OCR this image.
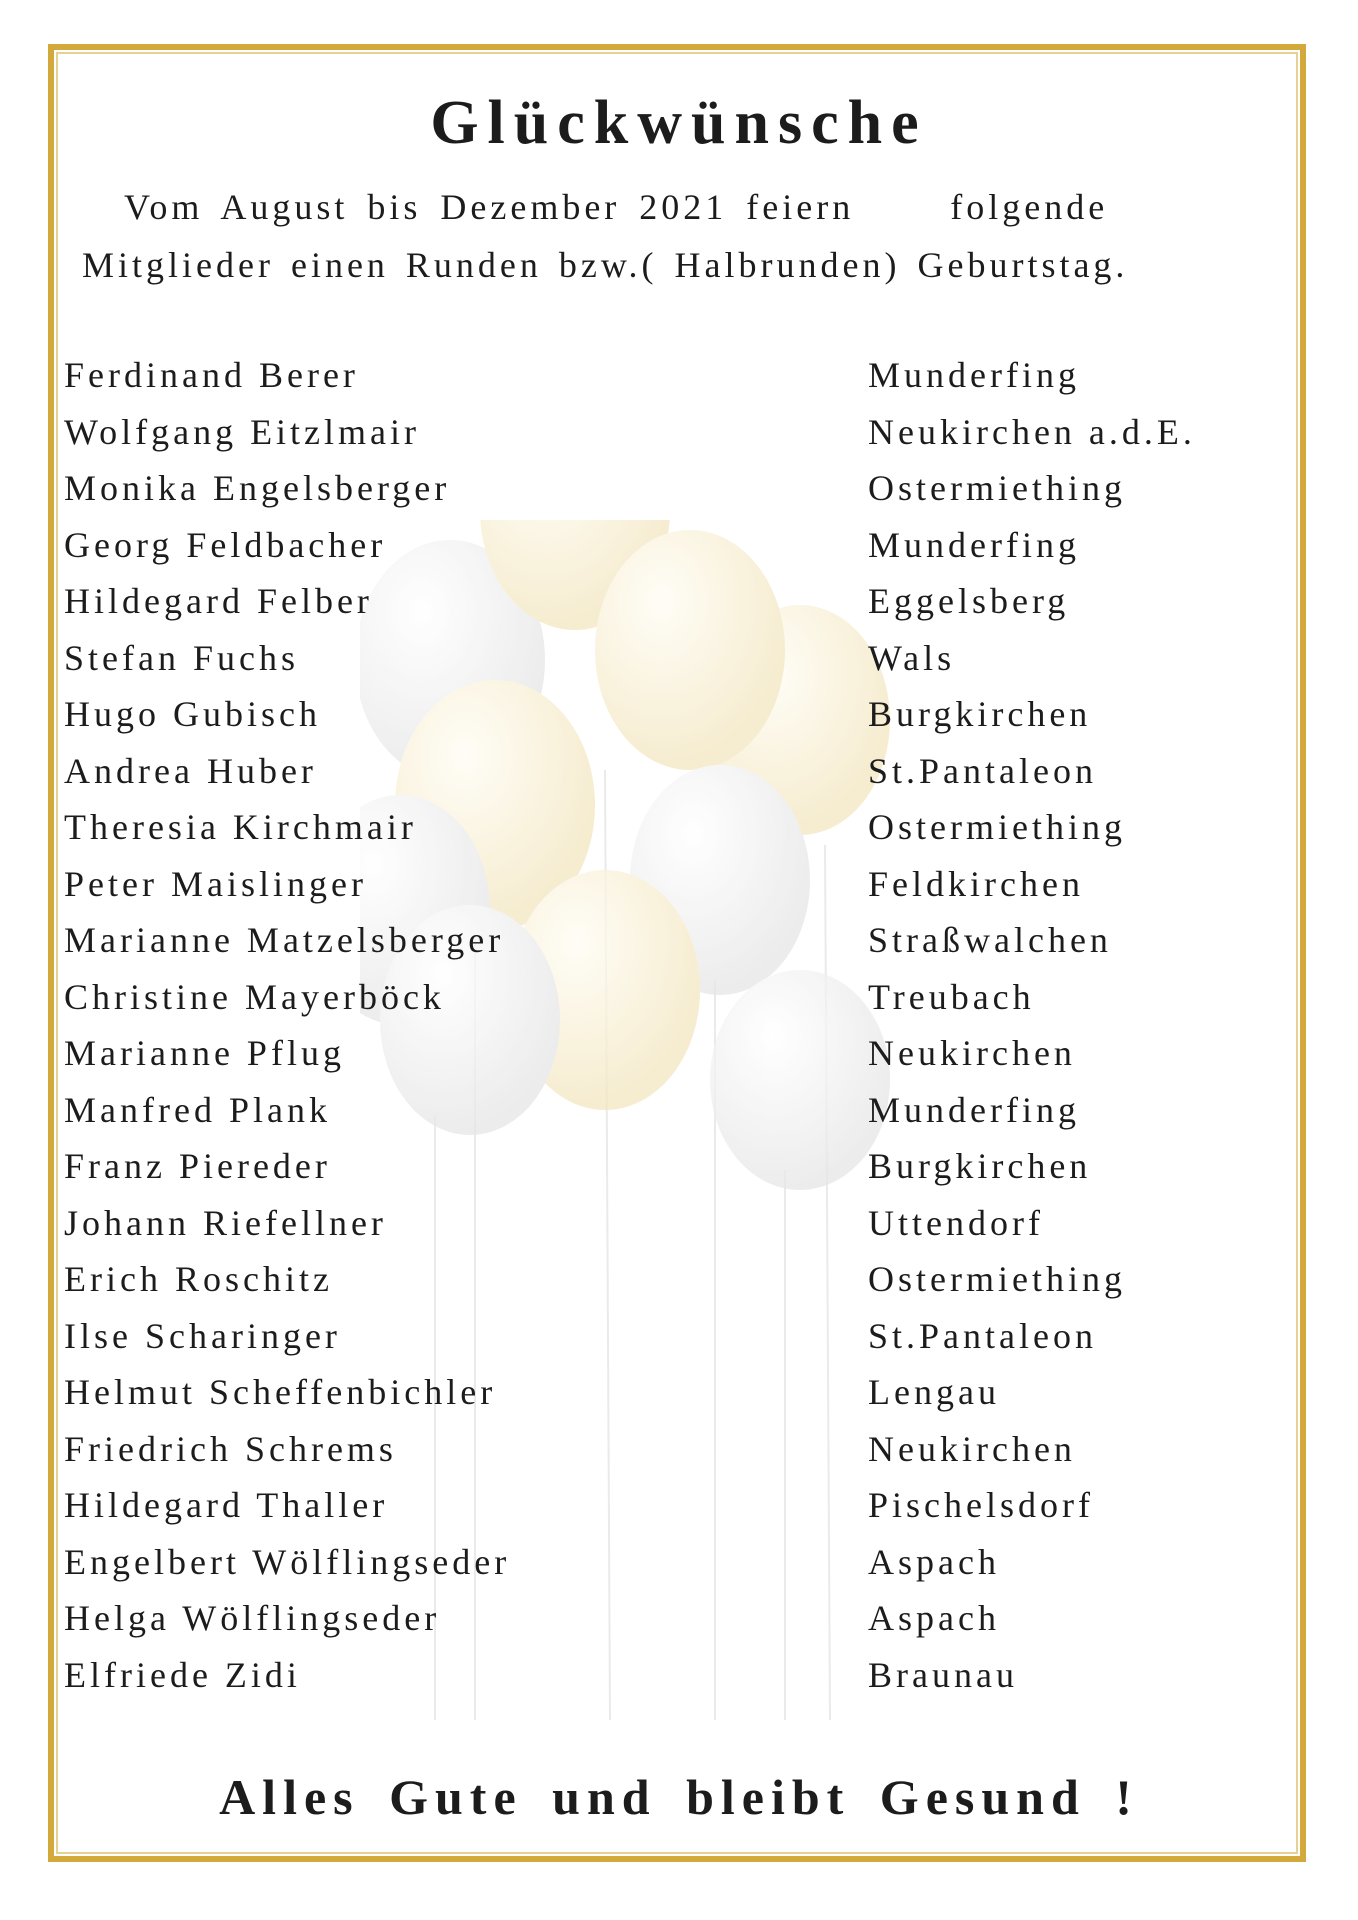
Glückwünsche

Vom August bis Dezember 2021 feiern	folgende

Mitglieder einen Runden bzw.( Halbrunden) Geburtstag.

Ferdinand Berer	Munderfing
Wolfgang Eitzlmair	Neukirchen a.d.E.
Monika Engelsberger	Ostermiething
Georg Feldbacher	Munderfing
Hildegard Felber	Eggelsberg
Stefan Fuchs	Wals
Hugo Gubisch	Burgkirchen
Andrea Huber	St.Pantaleon
Theresia Kirchmair	Ostermiething
Peter Maislinger	Feldkirchen
Marianne Matzelsberger	Straßwalchen
Christine Mayerböck	Treubach
Marianne Pflug	Neukirchen
Manfred Plank	Munderfing
Franz Piereder	Burgkirchen
Johann Riefellner	Uttendorf
Erich Roschitz	Ostermiething
Ilse Scharinger	St.Pantaleon
Helmut Scheffenbichler	Lengau
Friedrich Schrems	Neukirchen
Hildegard Thaller	Pischelsdorf
Engelbert Wölflingseder	Aspach
Helga Wölflingseder	Aspach
Elfriede Zidi	Braunau

Alles Gute und bleibt Gesund !
